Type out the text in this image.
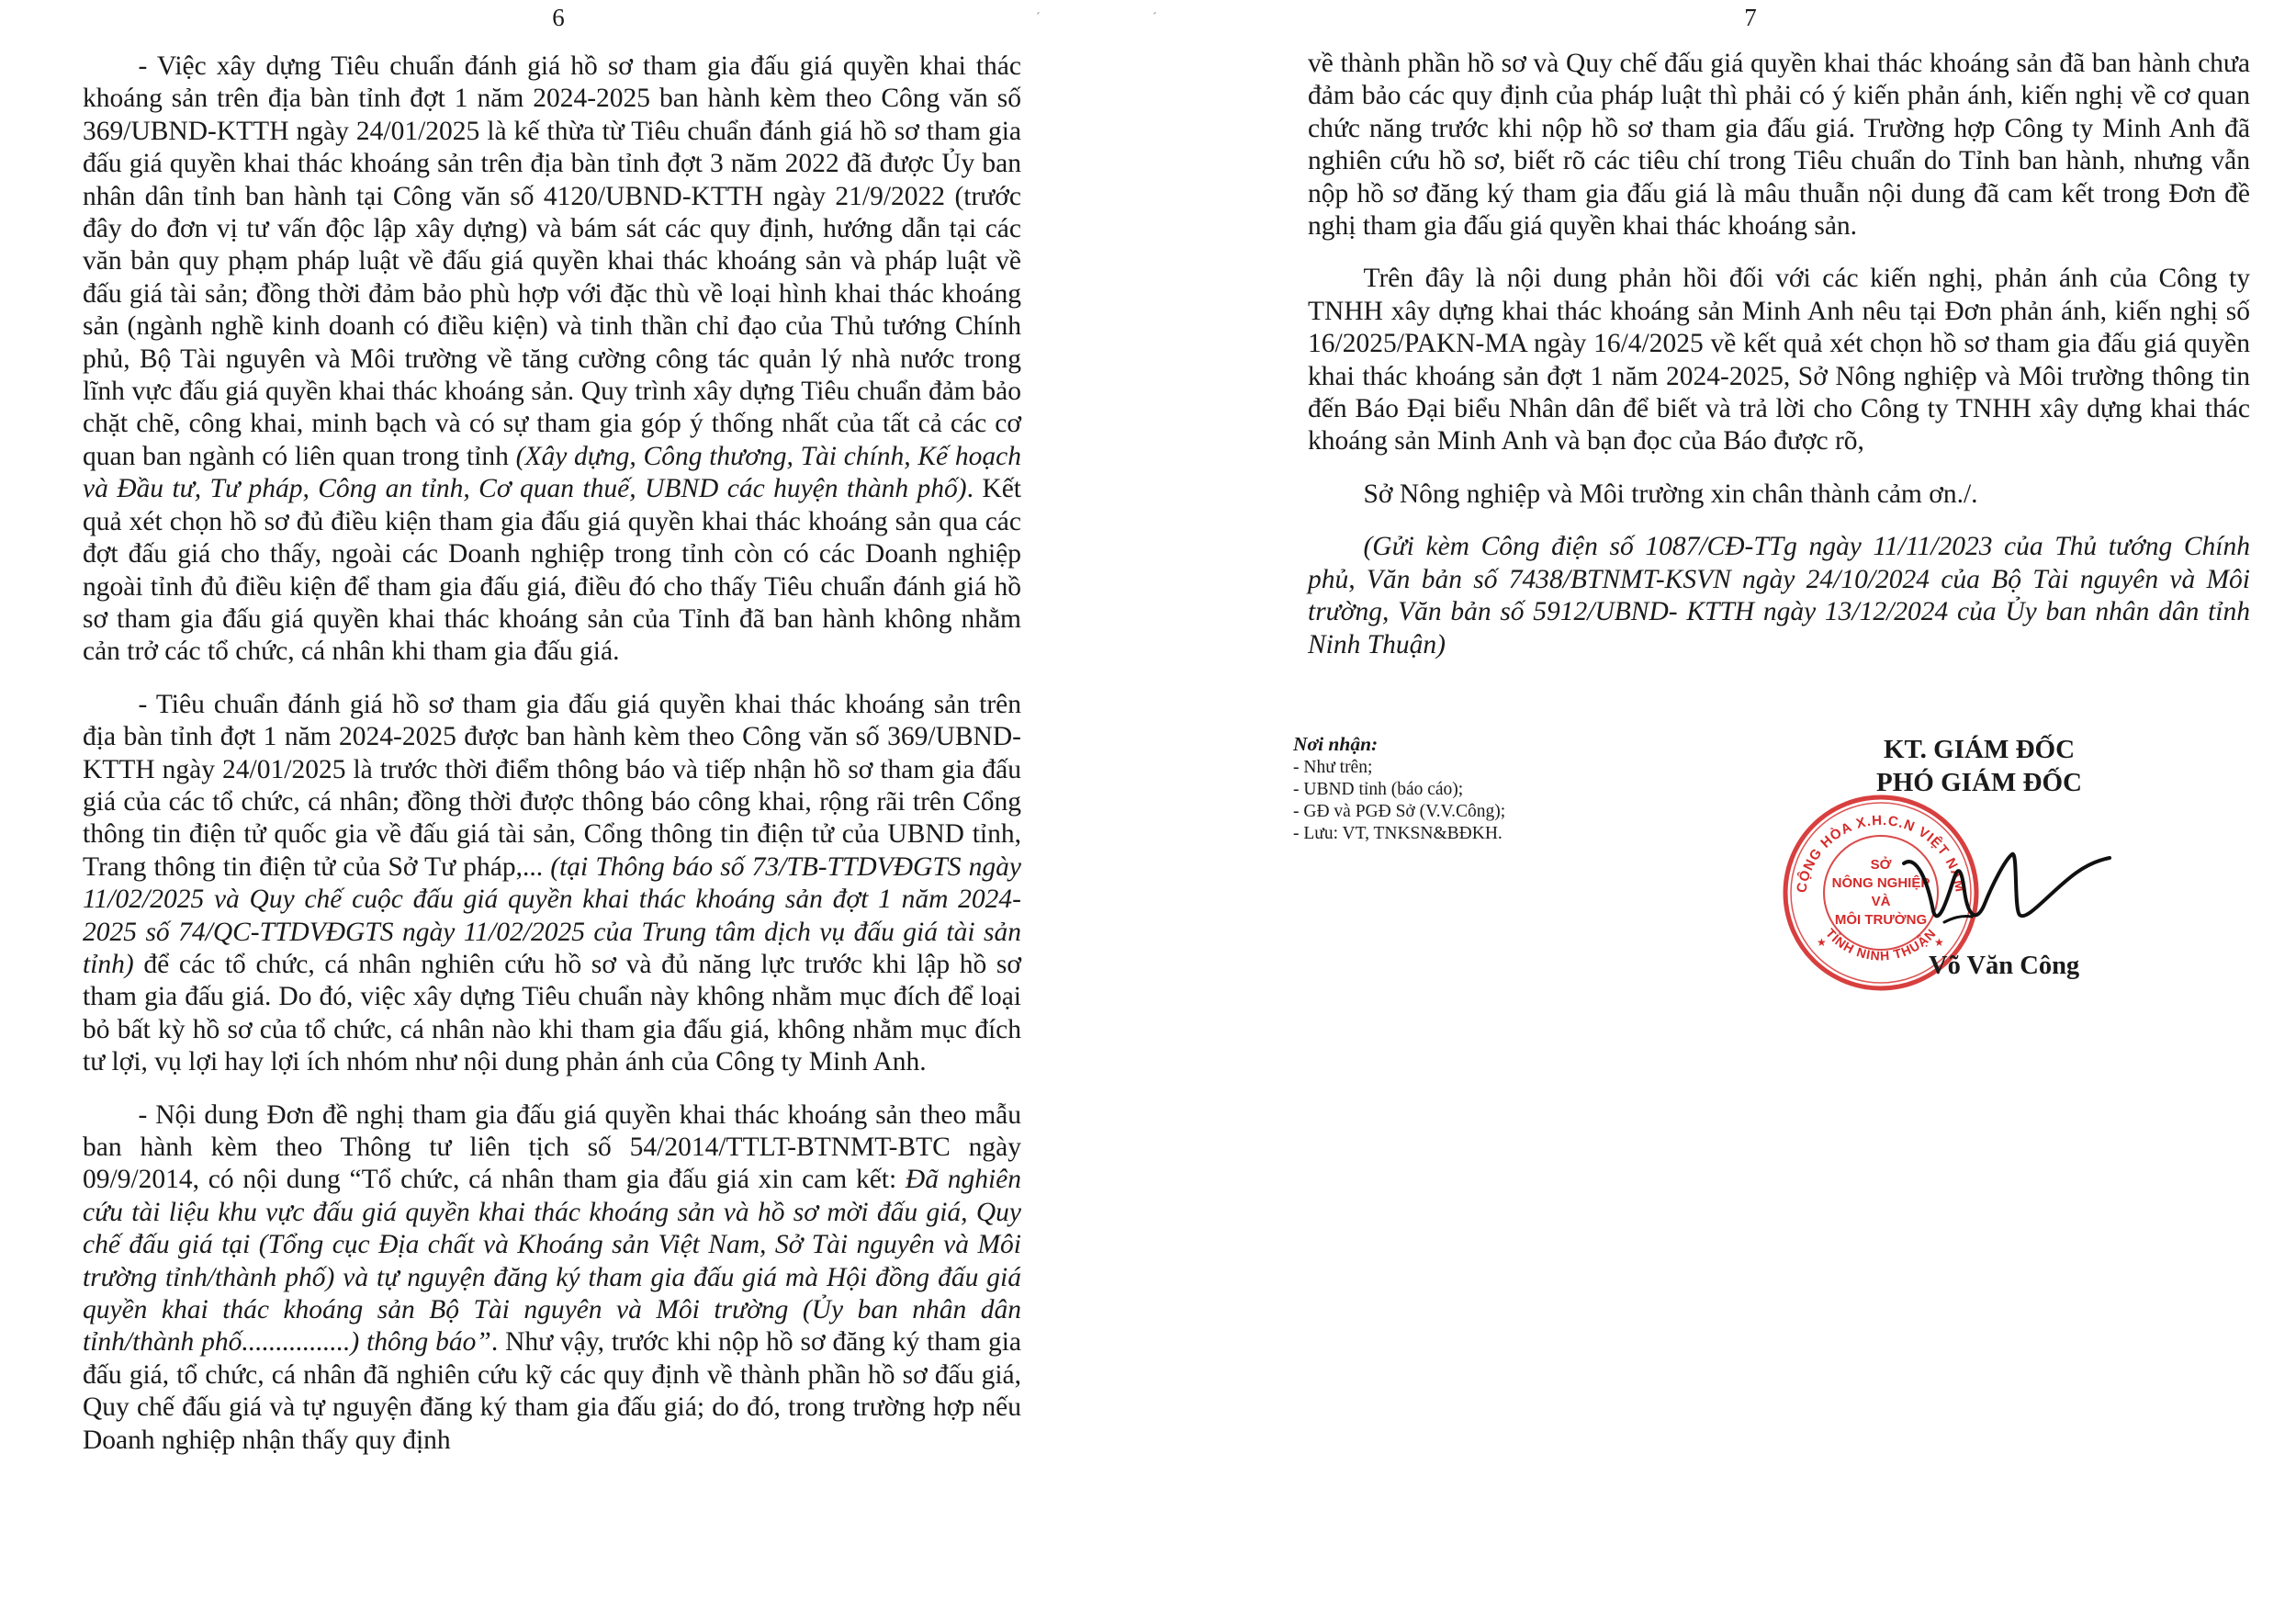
6

- Việc xây dựng Tiêu chuẩn đánh giá hồ sơ tham gia đấu giá quyền khai thác khoáng sản trên địa bàn tỉnh đợt 1 năm 2024-2025 ban hành kèm theo Công văn số 369/UBND-KTTH ngày 24/01/2025 là kế thừa từ Tiêu chuẩn đánh giá hồ sơ tham gia đấu giá quyền khai thác khoáng sản trên địa bàn tỉnh đợt 3 năm 2022 đã được Ủy ban nhân dân tỉnh ban hành tại Công văn số 4120/UBND-KTTH ngày 21/9/2022 (trước đây do đơn vị tư vấn độc lập xây dựng) và bám sát các quy định, hướng dẫn tại các văn bản quy phạm pháp luật về đấu giá quyền khai thác khoáng sản và pháp luật về đấu giá tài sản; đồng thời đảm bảo phù hợp với đặc thù về loại hình khai thác khoáng sản (ngành nghề kinh doanh có điều kiện) và tinh thần chỉ đạo của Thủ tướng Chính phủ, Bộ Tài nguyên và Môi trường về tăng cường công tác quản lý nhà nước trong lĩnh vực đấu giá quyền khai thác khoáng sản. Quy trình xây dựng Tiêu chuẩn đảm bảo chặt chẽ, công khai, minh bạch và có sự tham gia góp ý thống nhất của tất cả các cơ quan ban ngành có liên quan trong tỉnh (Xây dựng, Công thương, Tài chính, Kế hoạch và Đầu tư, Tư pháp, Công an tỉnh, Cơ quan thuế, UBND các huyện thành phố). Kết quả xét chọn hồ sơ đủ điều kiện tham gia đấu giá quyền khai thác khoáng sản qua các đợt đấu giá cho thấy, ngoài các Doanh nghiệp trong tỉnh còn có các Doanh nghiệp ngoài tỉnh đủ điều kiện để tham gia đấu giá, điều đó cho thấy Tiêu chuẩn đánh giá hồ sơ tham gia đấu giá quyền khai thác khoáng sản của Tỉnh đã ban hành không nhằm cản trở các tổ chức, cá nhân khi tham gia đấu giá.

- Tiêu chuẩn đánh giá hồ sơ tham gia đấu giá quyền khai thác khoáng sản trên địa bàn tỉnh đợt 1 năm 2024-2025 được ban hành kèm theo Công văn số 369/UBND-KTTH ngày 24/01/2025 là trước thời điểm thông báo và tiếp nhận hồ sơ tham gia đấu giá của các tổ chức, cá nhân; đồng thời được thông báo công khai, rộng rãi trên Cổng thông tin điện tử quốc gia về đấu giá tài sản, Cổng thông tin điện tử của UBND tỉnh, Trang thông tin điện tử của Sở Tư pháp,... (tại Thông báo số 73/TB-TTDVĐGTS ngày 11/02/2025 và Quy chế cuộc đấu giá quyền khai thác khoáng sản đợt 1 năm 2024-2025 số 74/QC-TTDVĐGTS ngày 11/02/2025 của Trung tâm dịch vụ đấu giá tài sản tỉnh) để các tổ chức, cá nhân nghiên cứu hồ sơ và đủ năng lực trước khi lập hồ sơ tham gia đấu giá. Do đó, việc xây dựng Tiêu chuẩn này không nhằm mục đích để loại bỏ bất kỳ hồ sơ của tổ chức, cá nhân nào khi tham gia đấu giá, không nhằm mục đích tư lợi, vụ lợi hay lợi ích nhóm như nội dung phản ánh của Công ty Minh Anh.

- Nội dung Đơn đề nghị tham gia đấu giá quyền khai thác khoáng sản theo mẫu ban hành kèm theo Thông tư liên tịch số 54/2014/TTLT-BTNMT-BTC ngày 09/9/2014, có nội dung “Tổ chức, cá nhân tham gia đấu giá xin cam kết: Đã nghiên cứu tài liệu khu vực đấu giá quyền khai thác khoáng sản và hồ sơ mời đấu giá, Quy chế đấu giá tại (Tổng cục Địa chất và Khoáng sản Việt Nam, Sở Tài nguyên và Môi trường tỉnh/thành phố) và tự nguyện đăng ký tham gia đấu giá mà Hội đồng đấu giá quyền khai thác khoáng sản Bộ Tài nguyên và Môi trường (Ủy ban nhân dân tỉnh/thành phố................) thông báo”. Như vậy, trước khi nộp hồ sơ đăng ký tham gia đấu giá, tổ chức, cá nhân đã nghiên cứu kỹ các quy định về thành phần hồ sơ đấu giá, Quy chế đấu giá và tự nguyện đăng ký tham gia đấu giá; do đó, trong trường hợp nếu Doanh nghiệp nhận thấy quy định

ˊ	ˊ	7

về thành phần hồ sơ và Quy chế đấu giá quyền khai thác khoáng sản đã ban hành chưa đảm bảo các quy định của pháp luật thì phải có ý kiến phản ánh, kiến nghị về cơ quan chức năng trước khi nộp hồ sơ tham gia đấu giá. Trường hợp Công ty Minh Anh đã nghiên cứu hồ sơ, biết rõ các tiêu chí trong Tiêu chuẩn do Tỉnh ban hành, nhưng vẫn nộp hồ sơ đăng ký tham gia đấu giá là mâu thuẫn nội dung đã cam kết trong Đơn đề nghị tham gia đấu giá quyền khai thác khoáng sản.

Trên đây là nội dung phản hồi đối với các kiến nghị, phản ánh của Công ty TNHH xây dựng khai thác khoáng sản Minh Anh nêu tại Đơn phản ánh, kiến nghị số 16/2025/PAKN-MA ngày 16/4/2025 về kết quả xét chọn hồ sơ tham gia đấu giá quyền khai thác khoáng sản đợt 1 năm 2024-2025, Sở Nông nghiệp và Môi trường thông tin đến Báo Đại biểu Nhân dân để biết và trả lời cho Công ty TNHH xây dựng khai thác khoáng sản Minh Anh và bạn đọc của Báo được rõ,

Sở Nông nghiệp và Môi trường xin chân thành cảm ơn./.

(Gửi kèm Công điện số 1087/CĐ-TTg ngày 11/11/2023 của Thủ tướng Chính phủ, Văn bản số 7438/BTNMT-KSVN ngày 24/10/2024 của Bộ Tài nguyên và Môi trường, Văn bản số 5912/UBND- KTTH ngày 13/12/2024 của Ủy ban nhân dân tỉnh Ninh Thuận)

Nơi nhận:
- Như trên;
- UBND tỉnh (báo cáo);
- GĐ và PGĐ Sở (V.V.Công);
- Lưu: VT, TNKSN&BĐKH.
KT. GIÁM ĐỐC
PHÓ GIÁM ĐỐC
CỘNG HÒA X.H.C.N VIỆT NAM
TỈNH NINH THUẬN
SỞ
NÔNG NGHIỆP
VÀ
MÔI TRƯỜNG
★	★
Võ Văn Công
